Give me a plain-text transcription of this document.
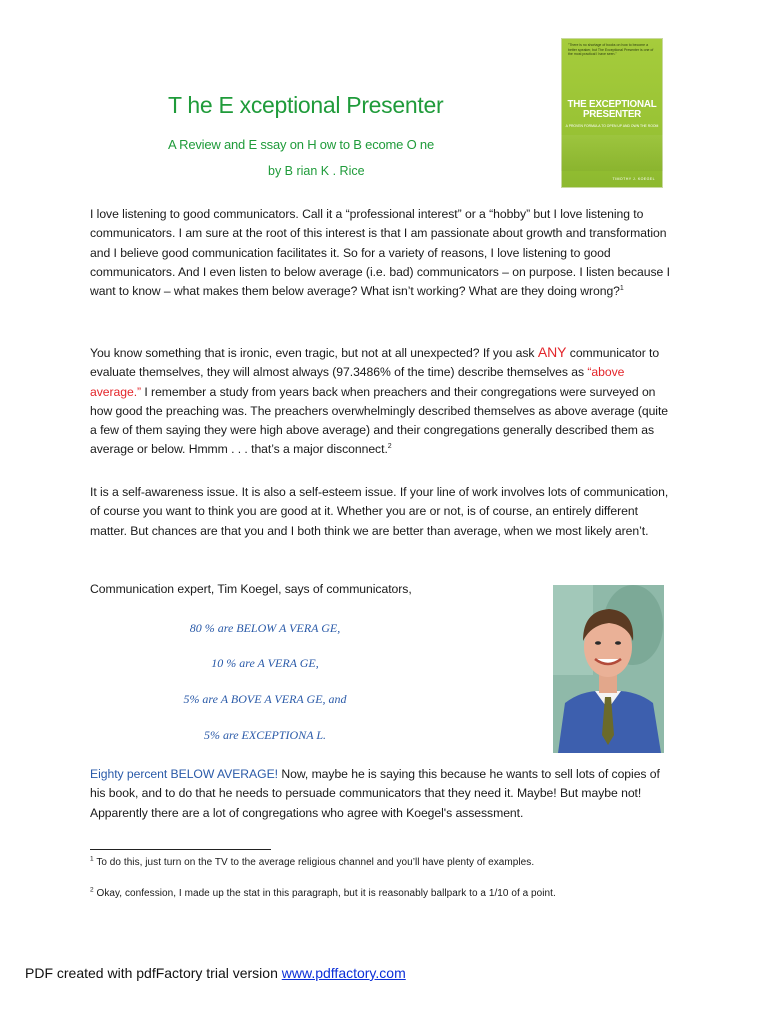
T he E xceptional Presenter
A Review and E ssay on H ow to B ecome O ne
by B rian K . Rice
"There is no shortage of books on how to become a better speaker, but The Exceptional Presenter is one of the most practical I have seen."
THE EXCEPTIONAL
PRESENTER
A PROVEN FORMULA TO OPEN UP AND OWN THE ROOM
TIMOTHY J. KOEGEL

I love listening to good communicators. Call it a “professional interest” or a “hobby” but I love listening to communicators. I am sure at the root of this interest is that I am passionate about growth and transformation and I believe good communication facilitates it. So for a variety of reasons, I love listening to good communicators. And I even listen to below average (i.e. bad) communicators – on purpose. I listen because I want to know – what makes them below average? What isn’t working? What are they doing wrong?$^1$

You know something that is ironic, even tragic, but not at all unexpected? If you ask ANY communicator to evaluate themselves, they will almost always (97.3486% of the time) describe themselves as “above average.” I remember a study from years back when preachers and their congregations were surveyed on how good the preaching was. The preachers overwhelmingly described themselves as above average (quite a few of them saying they were high above average) and their congregations generally described them as average or below. Hmmm . . . that’s a major disconnect.$^2$

It is a self-awareness issue. It is also a self-esteem issue. If your line of work involves lots of communication, of course you want to think you are good at it. Whether you are or not, is of course, an entirely different matter. But chances are that you and I both think we are better than average, when we most likely aren’t.

Communication expert, Tim Koegel, says of communicators,

80 % are BELOW A VERA GE,
10 % are A VERA GE,
5% are A BOVE A VERA GE, and
5% are EXCEPTIONA L.

Eighty percent BELOW AVERAGE! Now, maybe he is saying this because he wants to sell lots of copies of his book, and to do that he needs to persuade communicators that they need it. Maybe! But maybe not! Apparently there are a lot of congregations who agree with Koegel's assessment.

$^1$ To do this, just turn on the TV to the average religious channel and you’ll have plenty of examples.
$^2$ Okay, confession, I made up the stat in this paragraph, but it is reasonably ballpark to a 1/10 of a point.
PDF created with pdfFactory trial version www.pdffactory.com
